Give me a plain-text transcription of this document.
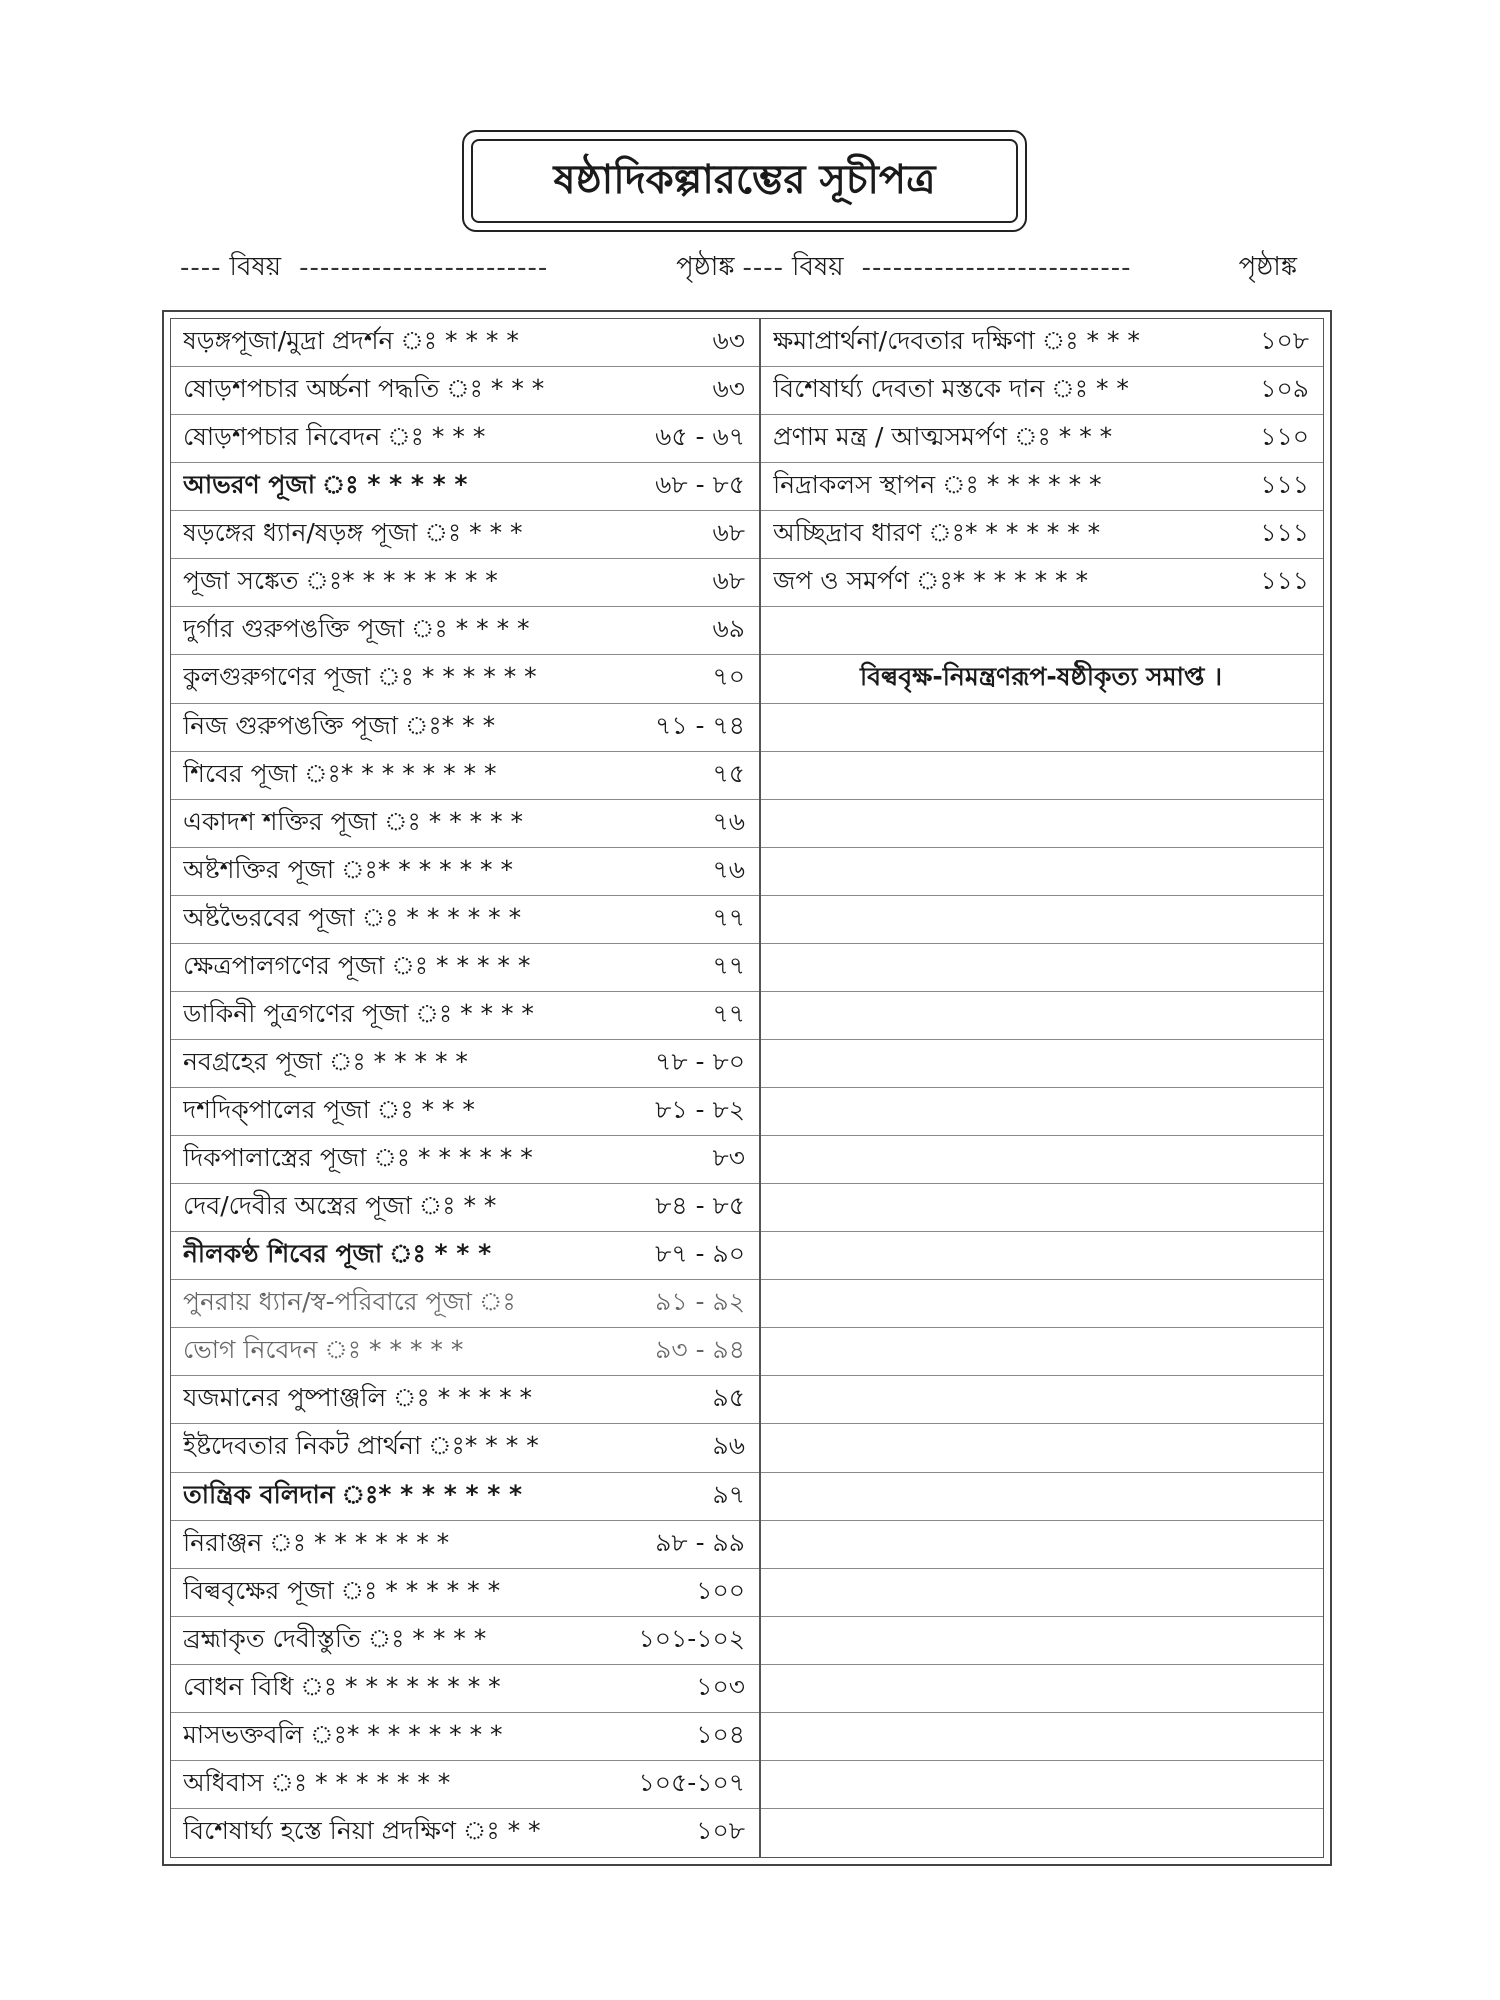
ষষ্ঠাদিকল্পারম্ভের সূচীপত্র
---- বিষয় ------------------------	পৃষ্ঠাঙ্ক ---- বিষয় --------------------------	পৃষ্ঠাঙ্ক
ষড়ঙ্গপূজা/মুদ্রা প্রদর্শন ঃ * * * *	৬৩
ষোড়শপচার অর্চ্চনা পদ্ধতি ঃ * * *	৬৩
ষোড়শপচার নিবেদন ঃ * * *	৬৫ - ৬৭
আভরণ পূজা ঃ * * * * *	৬৮ - ৮৫
ষড়ঙ্গের ধ্যান/ষড়ঙ্গ পূজা ঃ * * *	৬৮
পূজা সঙ্কেত ঃ* * * * * * * *	৬৮
দুর্গার গুরুপঙক্তি পূজা ঃ * * * *	৬৯
কুলগুরুগণের পূজা ঃ * * * * * *	৭০
নিজ গুরুপঙক্তি পূজা ঃ* * *	৭১ - ৭৪
শিবের পূজা ঃ* * * * * * * *	৭৫
একাদশ শক্তির পূজা ঃ * * * * *	৭৬
অষ্টশক্তির পূজা ঃ* * * * * * *	৭৬
অষ্টভৈরবের পূজা ঃ * * * * * *	৭৭
ক্ষেত্রপালগণের পূজা ঃ * * * * *	৭৭
ডাকিনী পুত্রগণের পূজা ঃ * * * *	৭৭
নবগ্রহের পূজা ঃ * * * * *	৭৮ - ৮০
দশদিক্পালের পূজা ঃ * * *	৮১ - ৮২
দিকপালাস্ত্রের পূজা ঃ * * * * * *	৮৩
দেব/দেবীর অস্ত্রের পূজা ঃ * *	৮৪ - ৮৫
নীলকণ্ঠ শিবের পূজা ঃ * * *	৮৭ - ৯০
পুনরায় ধ্যান/স্ব-পরিবারে পূজা ঃ	৯১ - ৯২
ভোগ নিবেদন ঃ * * * * *	৯৩ - ৯৪
যজমানের পুষ্পাঞ্জলি ঃ * * * * *	৯৫
ইষ্টদেবতার নিকট প্রার্থনা ঃ* * * *	৯৬
তান্ত্রিক বলিদান ঃ* * * * * * *	৯৭
নিরাঞ্জন ঃ * * * * * * *	৯৮ - ৯৯
বিল্ববৃক্ষের পূজা ঃ * * * * * *	১০০
ব্রহ্মাকৃত দেবীস্তুতি ঃ * * * *	১০১-১০২
বোধন বিধি ঃ * * * * * * * *	১০৩
মাসভক্তবলি ঃ* * * * * * * *	১০৪
অধিবাস ঃ * * * * * * *	১০৫-১০৭
বিশেষার্ঘ্য হস্তে নিয়া প্রদক্ষিণ ঃ * *	১০৮
ক্ষমাপ্রার্থনা/দেবতার দক্ষিণা ঃ * * *	১০৮
বিশেষার্ঘ্য দেবতা মস্তকে দান ঃ * *	১০৯
প্রণাম মন্ত্র / আত্মসমর্পণ ঃ * * *	১১০
নিদ্রাকলস স্থাপন ঃ * * * * * *	১১১
অচ্ছিদ্রাব ধারণ ঃ* * * * * * *	১১১
জপ ও সমর্পণ ঃ* * * * * * *	১১১
বিল্ববৃক্ষ-নিমন্ত্রণরূপ-ষষ্ঠীকৃত্য সমাপ্ত ।
